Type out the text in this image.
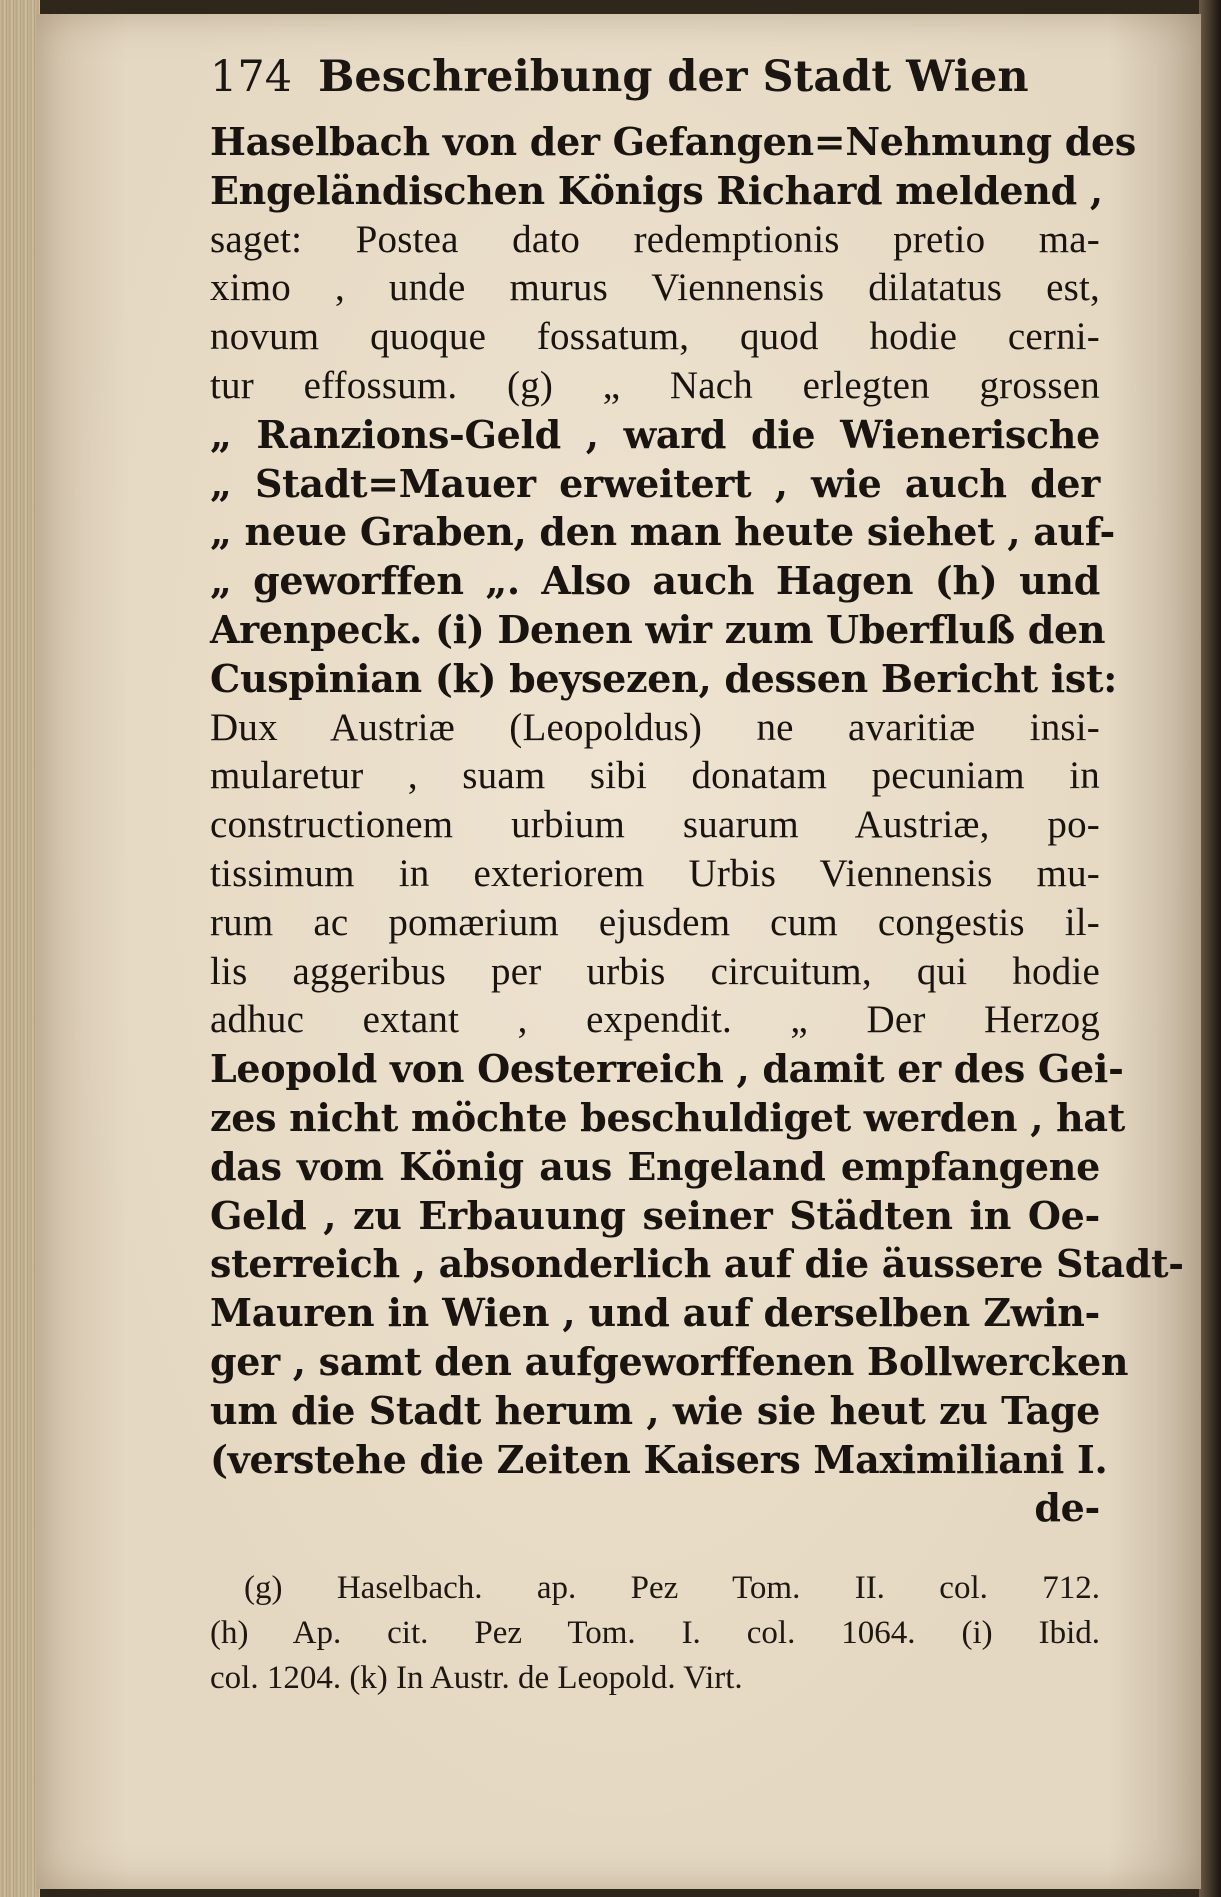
174 Beschreibung der Stadt Wien
Haselbach von der Gefangen=Nehmung des
Engeländischen Königs Richard meldend ,
saget: Postea dato redemptionis pretio ma-
ximo , unde murus Viennensis dilatatus est,
novum quoque fossatum, quod hodie cerni-
tur effossum. (g) „ Nach erlegten grossen
„ Ranzions-Geld , ward die Wienerische
„ Stadt=Mauer erweitert , wie auch der
„ neue Graben, den man heute siehet , auf-
„ geworffen „. Also auch Hagen (h) und
Arenpeck. (i) Denen wir zum Uberfluß den
Cuspinian (k) beysezen, dessen Bericht ist:
Dux Austriæ (Leopoldus) ne avaritiæ insi-
mularetur , suam sibi donatam pecuniam in
constructionem urbium suarum Austriæ, po-
tissimum in exteriorem Urbis Viennensis mu-
rum ac pomærium ejusdem cum congestis il-
lis aggeribus per urbis circuitum, qui hodie
adhuc extant , expendit. „ Der Herzog
Leopold von Oesterreich , damit er des Gei-
zes nicht möchte beschuldiget werden , hat
das vom König aus Engeland empfangene
Geld , zu Erbauung seiner Städten in Oe-
sterreich , absonderlich auf die äussere Stadt-
Mauren in Wien , und auf derselben Zwin-
ger , samt den aufgeworffenen Bollwercken
um die Stadt herum , wie sie heut zu Tage
(verstehe die Zeiten Kaisers Maximiliani I.
de-
(g) Haselbach. ap. Pez Tom. II. col. 712.
(h) Ap. cit. Pez Tom. I. col. 1064. (i) Ibid.
col. 1204. (k) In Austr. de Leopold. Virt.
